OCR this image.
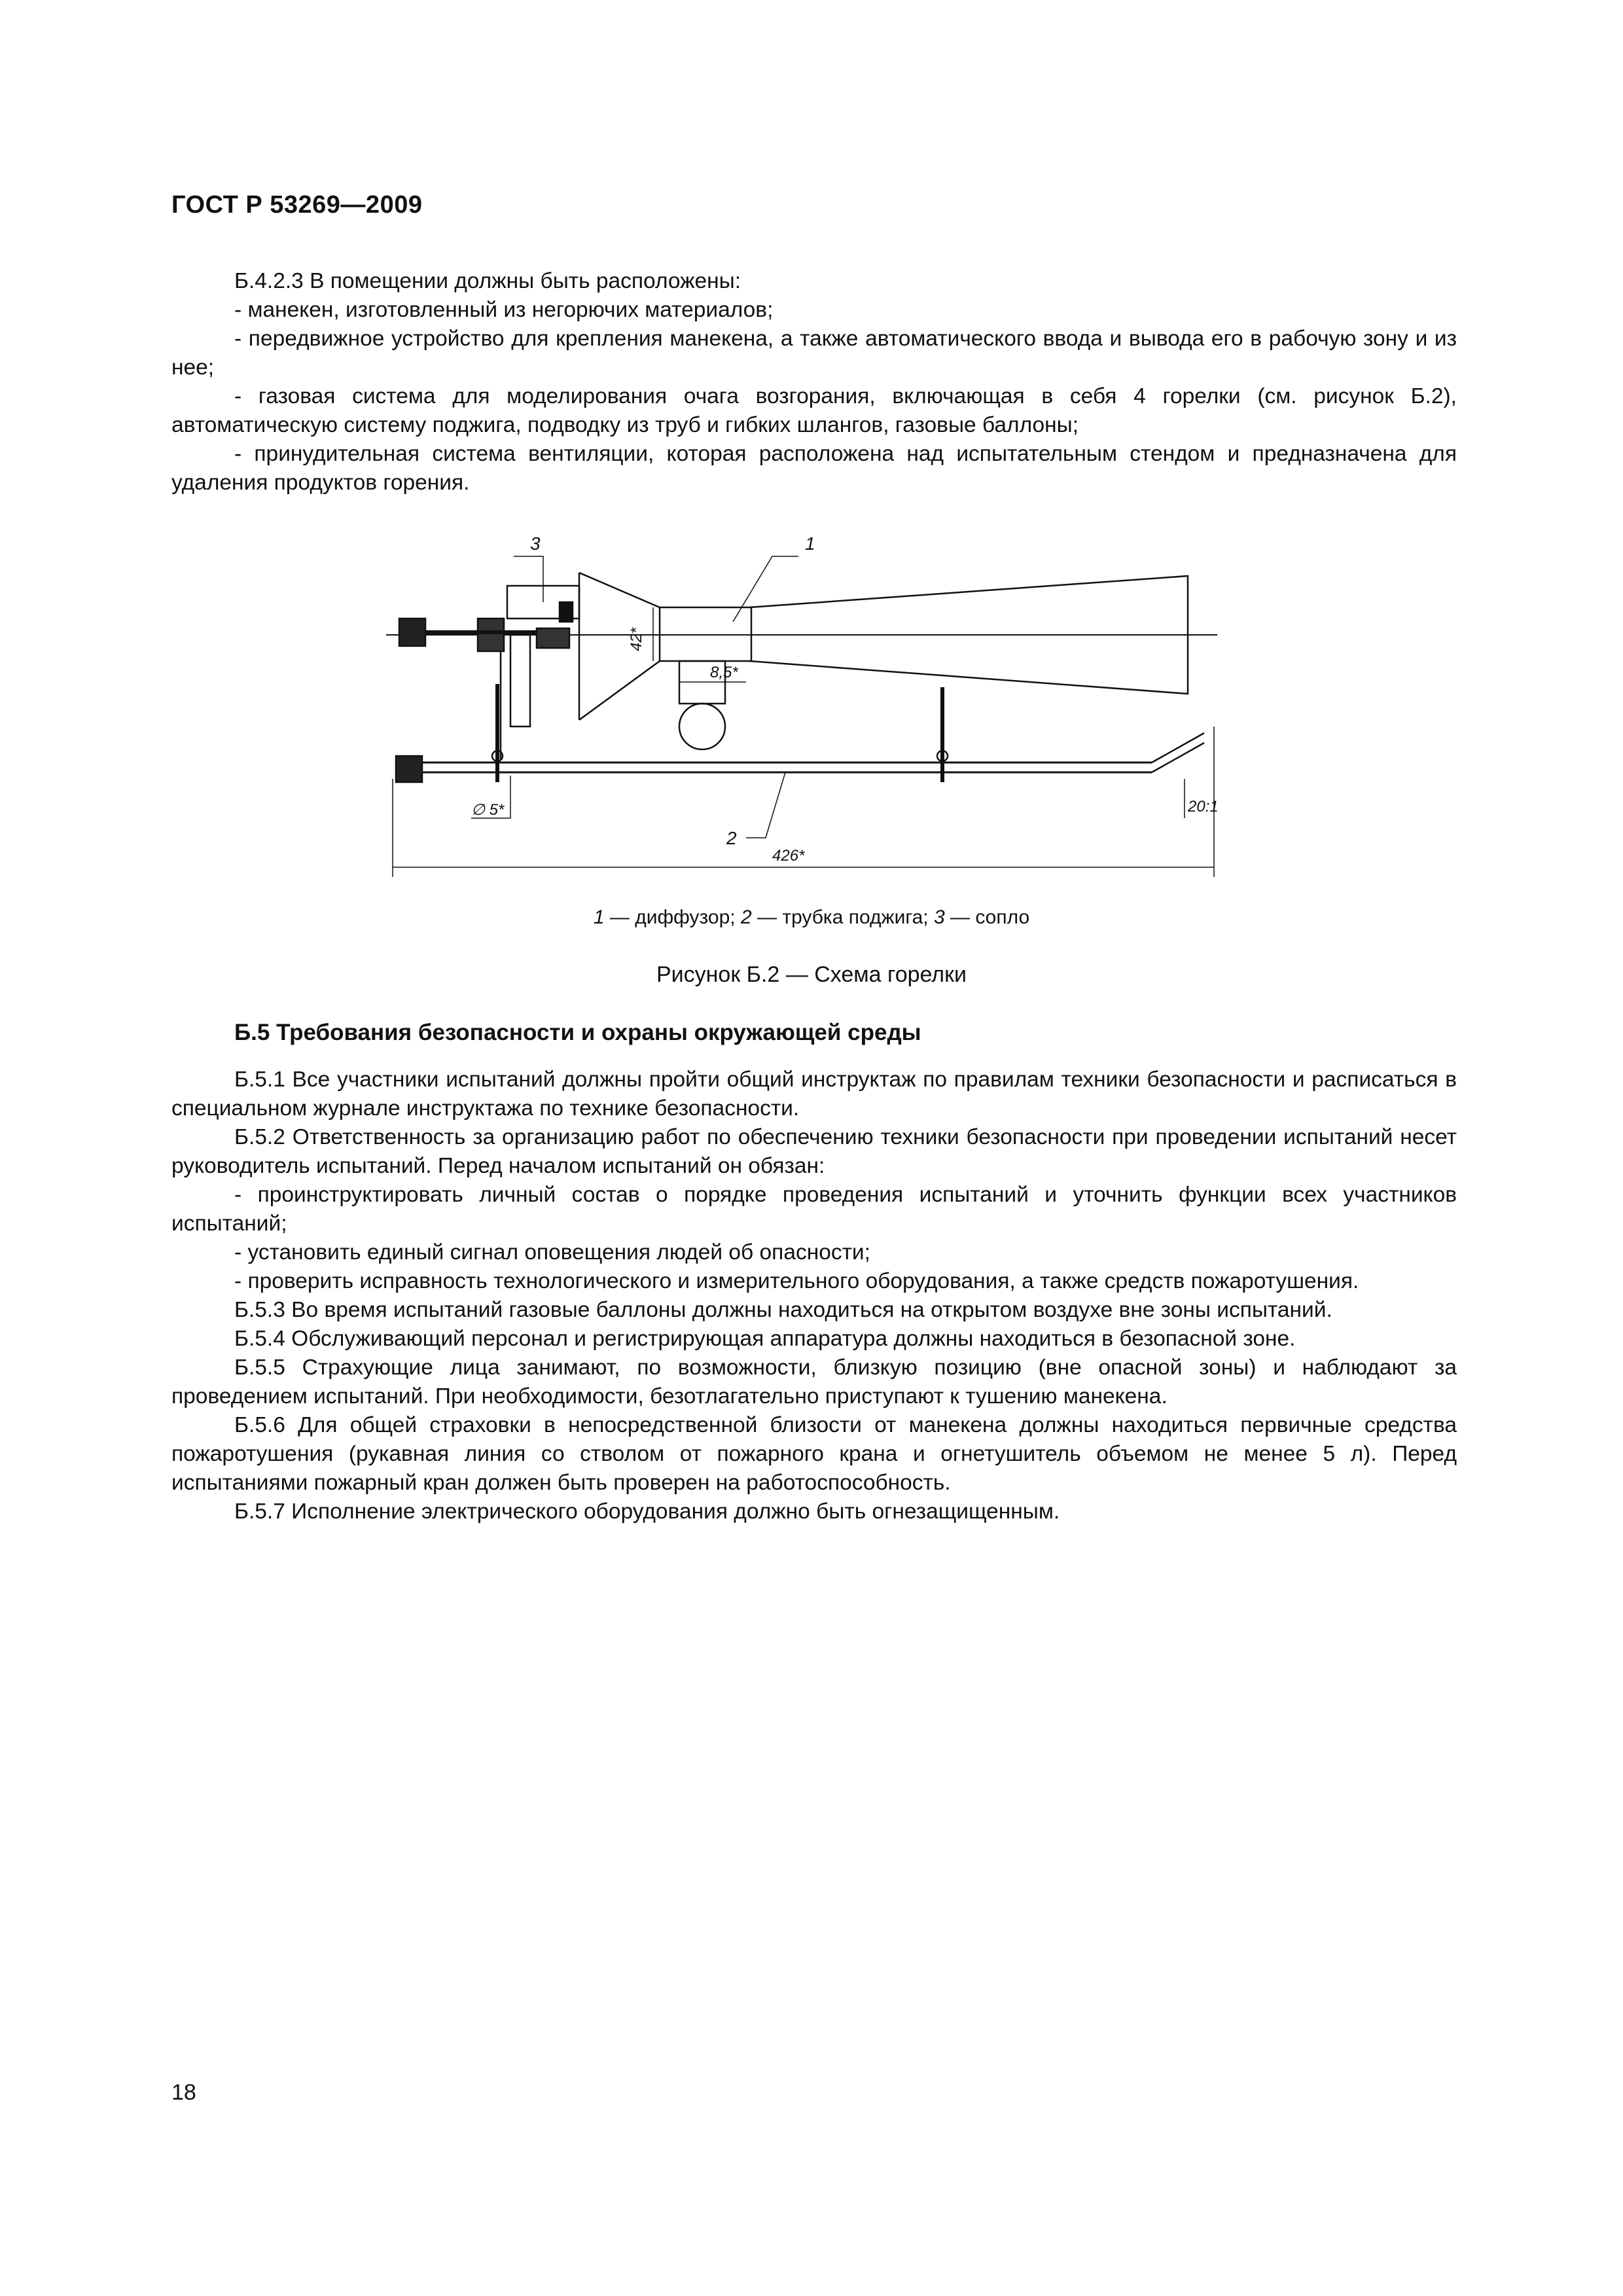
ГОСТ Р 53269—2009

Б.4.2.3 В помещении должны быть расположены:

- манекен, изготовленный из негорючих материалов;

- передвижное устройство для крепления манекена, а также автоматического ввода и вывода его в рабочую зону и из нее;

- газовая система для моделирования очага возгорания, включающая в себя 4 горелки (см. рисунок Б.2), автоматическую систему поджига, подводку из труб и гибких шлангов, газовые баллоны;

- принудительная система вентиляции, которая расположена над испытательным стендом и предназначена для удаления продуктов горения.

3	1
2
42*
8,5*
∅ 5*	20:1
426*
1 — диффузор; 2 — трубка поджига; 3 — сопло
Рисунок Б.2 — Схема горелки
Б.5 Требования безопасности и охраны окружающей среды

Б.5.1 Все участники испытаний должны пройти общий инструктаж по правилам техники безопасности и расписаться в специальном журнале инструктажа по технике безопасности.

Б.5.2 Ответственность за организацию работ по обеспечению техники безопасности при проведении испытаний несет руководитель испытаний. Перед началом испытаний он обязан:

- проинструктировать личный состав о порядке проведения испытаний и уточнить функции всех участников испытаний;

- установить единый сигнал оповещения людей об опасности;

- проверить исправность технологического и измерительного оборудования, а также средств пожаротушения.

Б.5.3 Во время испытаний газовые баллоны должны находиться на открытом воздухе вне зоны испытаний.

Б.5.4 Обслуживающий персонал и регистрирующая аппаратура должны находиться в безопасной зоне.

Б.5.5 Страхующие лица занимают, по возможности, близкую позицию (вне опасной зоны) и наблюдают за проведением испытаний. При необходимости, безотлагательно приступают к тушению манекена.

Б.5.6 Для общей страховки в непосредственной близости от манекена должны находиться первичные средства пожаротушения (рукавная линия со стволом от пожарного крана и огнетушитель объемом не менее 5 л). Перед испытаниями пожарный кран должен быть проверен на работоспособность.

Б.5.7 Исполнение электрического оборудования должно быть огнезащищенным.

18
